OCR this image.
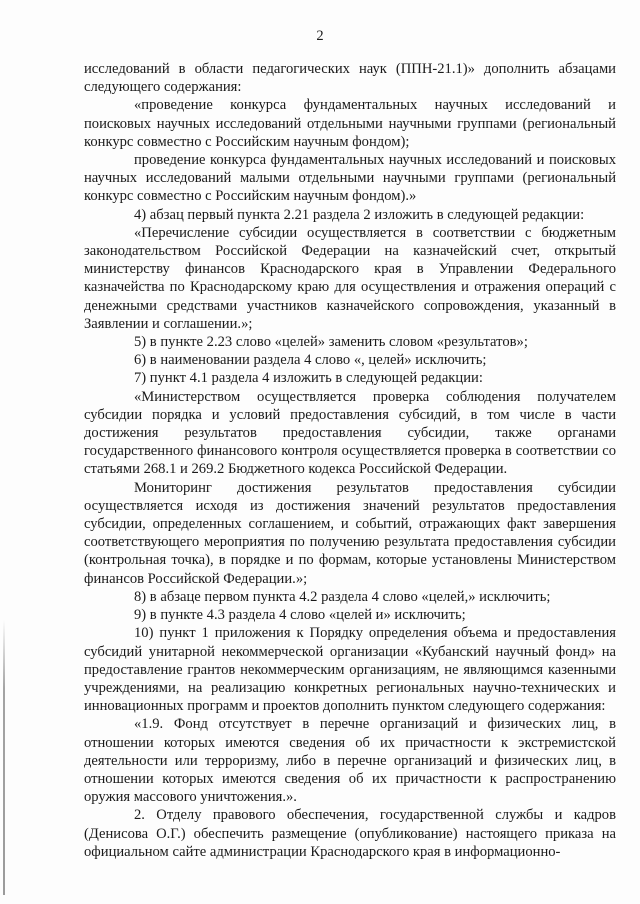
2

исследований в области педагогических наук (ППН-21.1)» дополнить абзацами следующего содержания:

«проведение конкурса фундаментальных научных исследований и поисковых научных исследований отдельными научными группами (региональный конкурс совместно с Российским научным фондом);

проведение конкурса фундаментальных научных исследований и поисковых научных исследований малыми отдельными научными группами (региональный конкурс совместно с Российским научным фондом).»

4) абзац первый пункта 2.21 раздела 2 изложить в следующей редакции:

«Перечисление субсидии осуществляется в соответствии с бюджетным законодательством Российской Федерации на казначейский счет, открытый министерству финансов Краснодарского края в Управлении Федерального казначейства по Краснодарскому краю для осуществления и отражения операций с денежными средствами участников казначейского сопровождения, указанный в Заявлении и соглашении.»;

5) в пункте 2.23 слово «целей» заменить словом «результатов»;

6) в наименовании раздела 4 слово «, целей» исключить;

7) пункт 4.1 раздела 4 изложить в следующей редакции:

«Министерством осуществляется проверка соблюдения получателем субсидии порядка и условий предоставления субсидий, в том числе в части достижения результатов предоставления субсидии, также органами государственного финансового контроля осуществляется проверка в соответствии со статьями 268.1 и 269.2 Бюджетного кодекса Российской Федерации.

Мониторинг достижения результатов предоставления субсидии осуществляется исходя из достижения значений результатов предоставления субсидии, определенных соглашением, и событий, отражающих факт завершения соответствующего мероприятия по получению результата предоставления субсидии (контрольная точка), в порядке и по формам, которые установлены Министерством финансов Российской Федерации.»;

8) в абзаце первом пункта 4.2 раздела 4 слово «целей,» исключить;

9) в пункте 4.3 раздела 4 слово «целей и» исключить;

10) пункт 1 приложения к Порядку определения объема и предоставления субсидий унитарной некоммерческой организации «Кубанский научный фонд» на предоставление грантов некоммерческим организациям, не являющимся казенными учреждениями, на реализацию конкретных региональных научно-технических и инновационных программ и проектов дополнить пунктом следующего содержания:

«1.9. Фонд отсутствует в перечне организаций и физических лиц, в отношении которых имеются сведения об их причастности к экстремистской деятельности или терроризму, либо в перечне организаций и физических лиц, в отношении которых имеются сведения об их причастности к распространению оружия массового уничтожения.».

2. Отделу правового обеспечения, государственной службы и кадров (Денисова О.Г.) обеспечить размещение (опубликование) настоящего приказа на официальном сайте администрации Краснодарского края в информационно-
